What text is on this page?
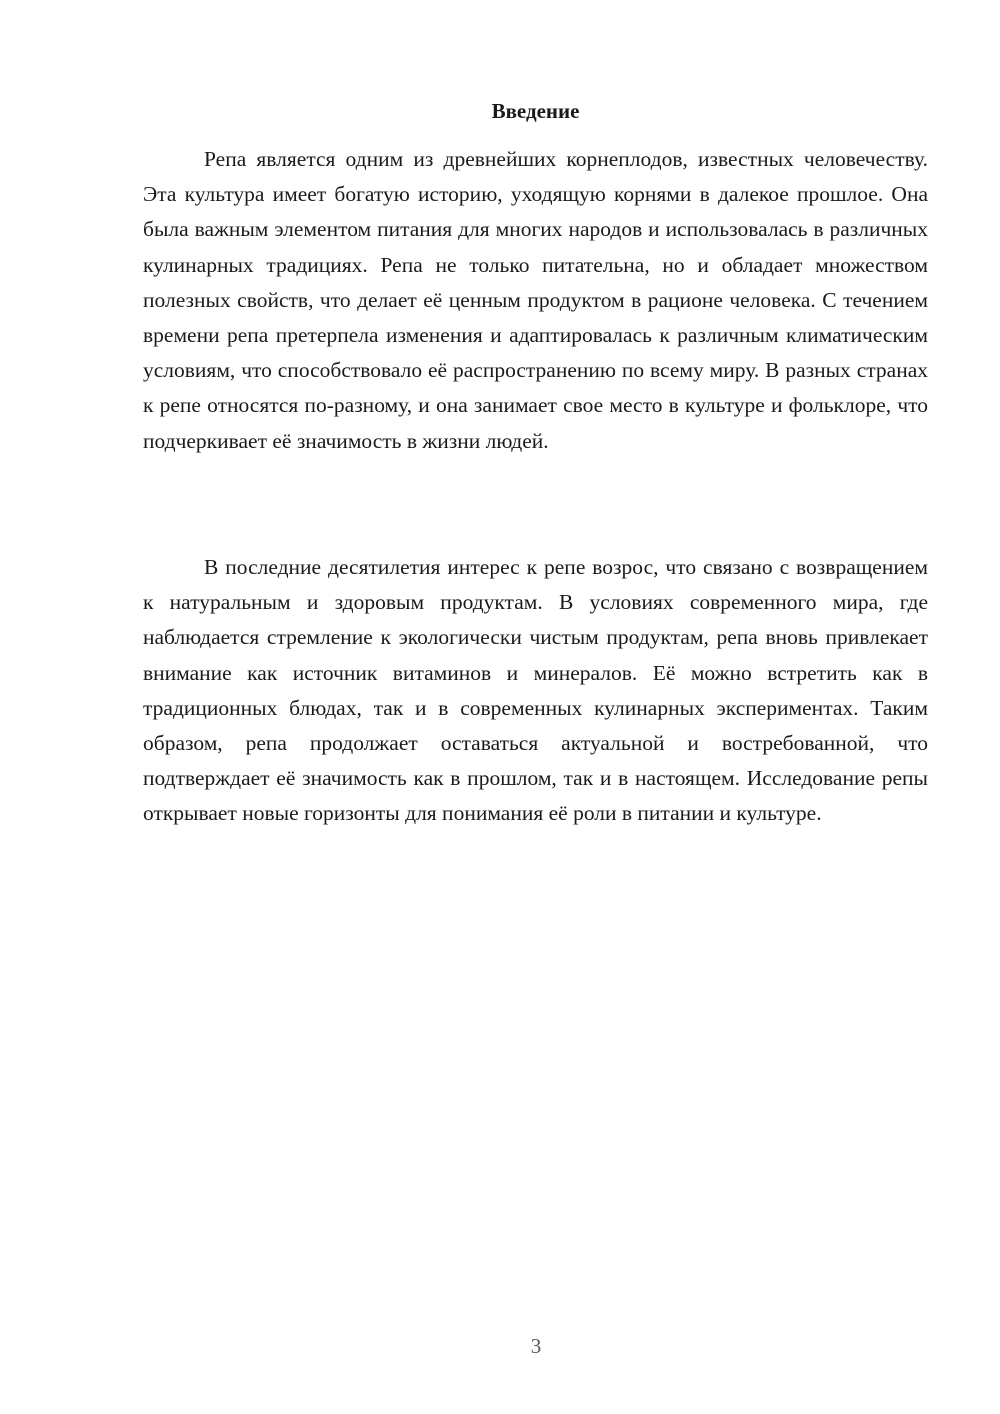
Введение

Репа является одним из древнейших корнеплодов, известных человечеству. Эта культура имеет богатую историю, уходящую корнями в далекое прошлое. Она была важным элементом питания для многих народов и использовалась в различных кулинарных традициях. Репа не только питательна, но и обладает множеством полезных свойств, что делает её ценным продуктом в рационе человека. С течением времени репа претерпела изменения и адаптировалась к различным климатическим условиям, что способствовало её распространению по всему миру. В разных странах к репе относятся по-разному, и она занимает свое место в культуре и фольклоре, что подчеркивает её значимость в жизни людей.

В последние десятилетия интерес к репе возрос, что связано с возвращением к натуральным и здоровым продуктам. В условиях современного мира, где наблюдается стремление к экологически чистым продуктам, репа вновь привлекает внимание как источник витаминов и минералов. Её можно встретить как в традиционных блюдах, так и в современных кулинарных экспериментах. Таким образом, репа продолжает оставаться актуальной и востребованной, что подтверждает её значимость как в прошлом, так и в настоящем. Исследование репы открывает новые горизонты для понимания её роли в питании и культуре.

3
